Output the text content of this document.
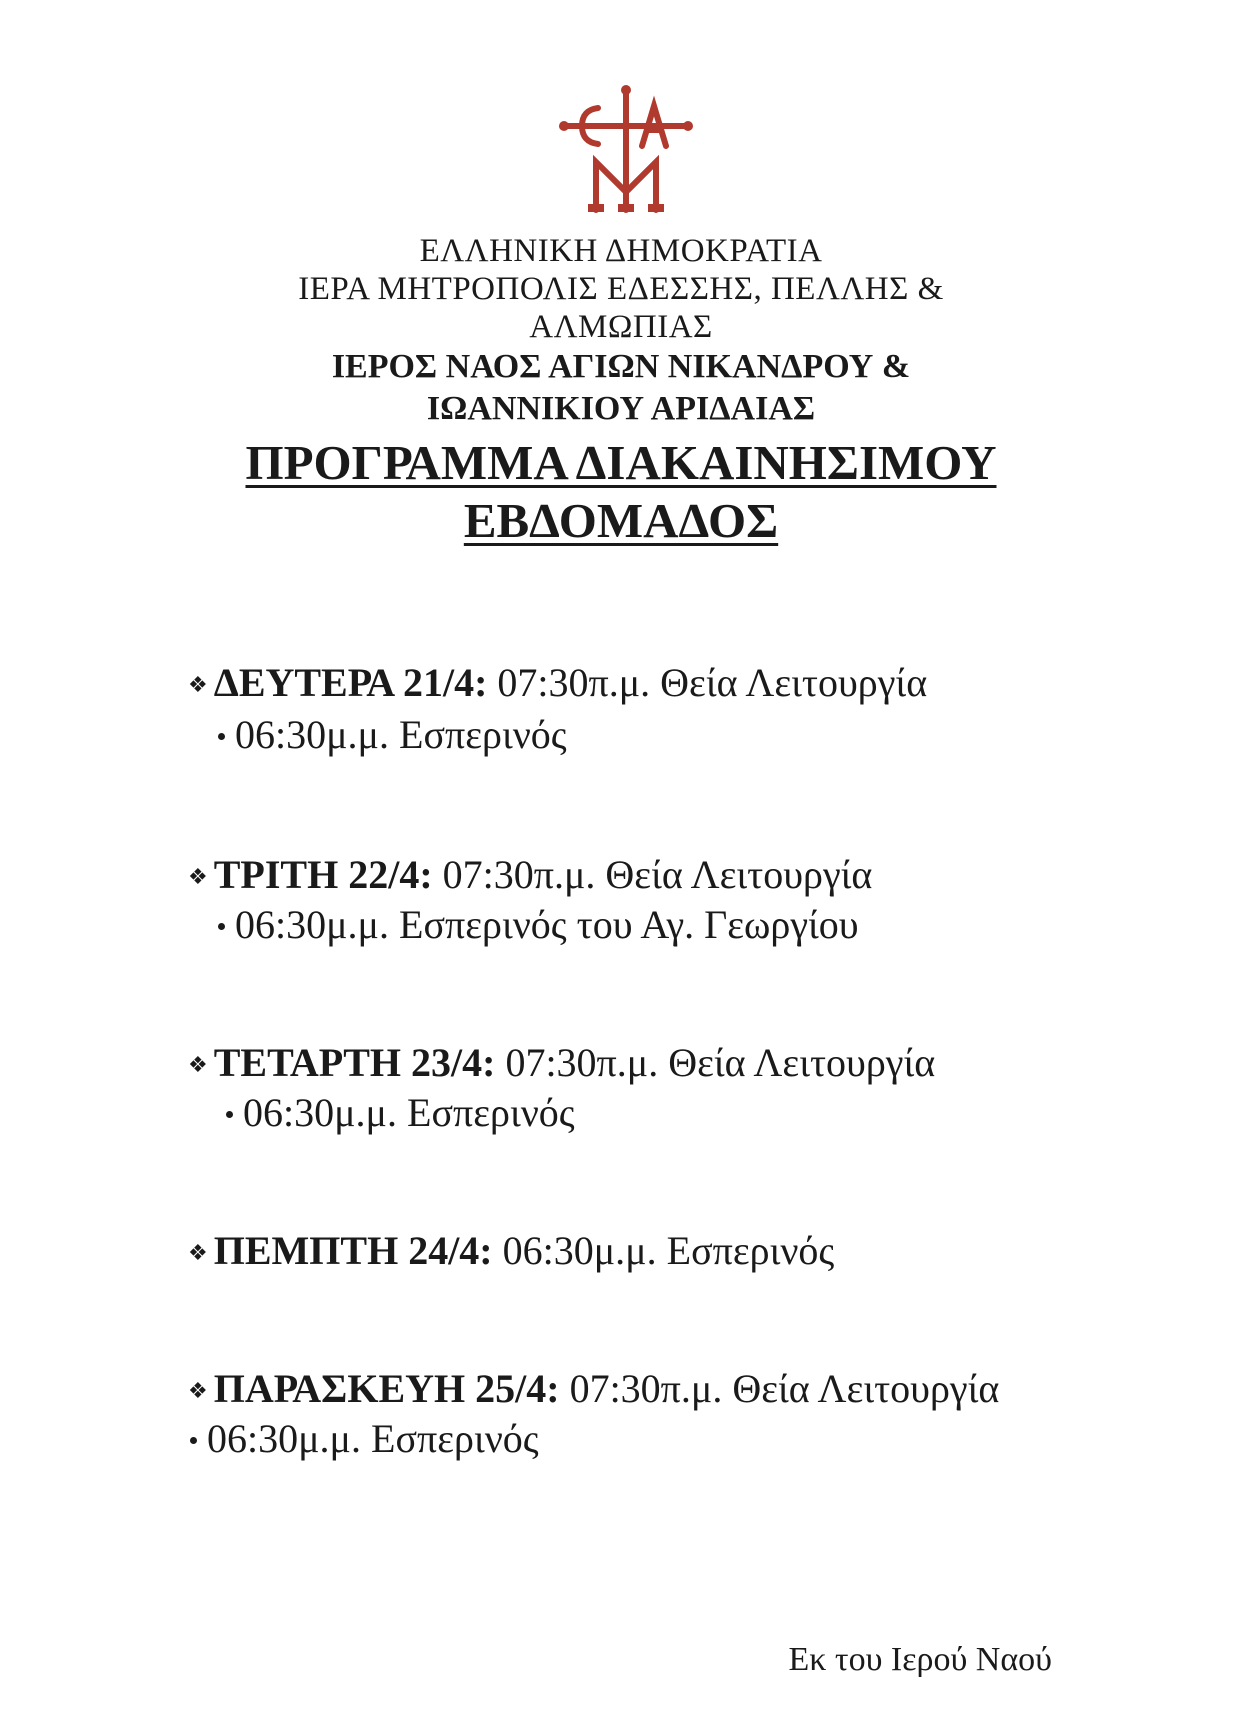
ΕΛΛΗΝΙΚΗ ΔΗΜΟΚΡΑΤΙΑ
ΙΕΡΑ ΜΗΤΡΟΠΟΛΙΣ ΕΔΕΣΣΗΣ, ΠΕΛΛΗΣ &
ΑΛΜΩΠΙΑΣ
ΙΕΡΟΣ ΝΑΟΣ ΑΓΙΩΝ ΝΙΚΑΝΔΡΟΥ &
ΙΩΑΝΝΙΚΙΟΥ ΑΡΙΔΑΙΑΣ
ΠΡΟΓΡΑΜΜΑ ΔΙΑΚΑΙΝΗΣΙΜΟΥ
ΕΒΔΟΜΑΔΟΣ
❖ ΔΕΥΤΕΡΑ 21/4: 07:30π.μ. Θεία Λειτουργία
06:30μ.μ. Εσπερινός
❖ ΤΡΙΤΗ 22/4: 07:30π.μ. Θεία Λειτουργία
06:30μ.μ. Εσπερινός του Αγ. Γεωργίου
❖ ΤΕΤΑΡΤΗ 23/4: 07:30π.μ. Θεία Λειτουργία
06:30μ.μ. Εσπερινός
❖ ΠΕΜΠΤΗ 24/4: 06:30μ.μ. Εσπερινός
❖ ΠΑΡΑΣΚΕΥΗ 25/4: 07:30π.μ. Θεία Λειτουργία
06:30μ.μ. Εσπερινός
Εκ του Ιερού Ναού
